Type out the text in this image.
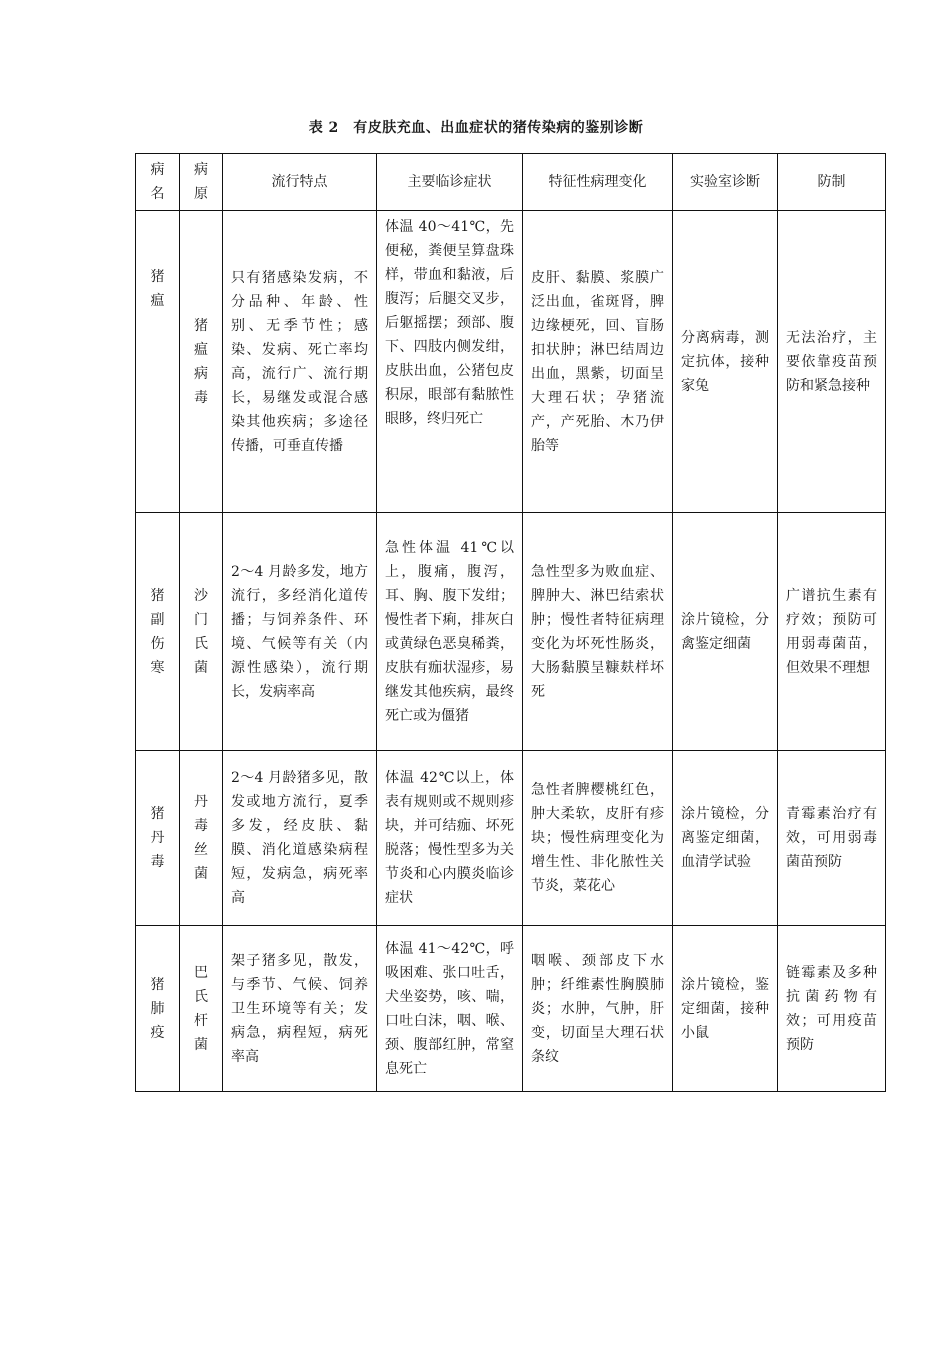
表 2　有皮肤充血、出血症状的猪传染病的鉴别诊断
病名	病原	流行特点	主要临诊症状	特征性病理变化	实验室诊断	防制
猪瘟	猪瘟病毒	只有猪感染发病，不分品种、年龄、性别、无季节性；感染、发病、死亡率均高，流行广、流行期长，易继发或混合感染其他疾病；多途径传播，可垂直传播	体温 40～41℃，先便秘，粪便呈算盘珠样，带血和黏液，后腹泻；后腿交叉步，后躯摇摆；颈部、腹下、四肢内侧发绀，皮肤出血，公猪包皮积尿，眼部有黏脓性眼眵，终归死亡	皮肝、黏膜、浆膜广泛出血，雀斑肾，脾边缘梗死，回、盲肠扣状肿；淋巴结周边出血，黑紫，切面呈大理石状；孕猪流产，产死胎、木乃伊胎等	分离病毒，测定抗体，接种家兔	无法治疗，主要依靠疫苗预防和紧急接种

猪副伤寒	沙门氏菌	2～4 月龄多发，地方流行，多经消化道传播；与饲养条件、环境、气候等有关（内源性感染），流行期长，发病率高	急性体温 41℃以上，腹痛，腹泻，耳、胸、腹下发绀；慢性者下痢，排灰白或黄绿色恶臭稀粪，皮肤有痂状湿疹，易继发其他疾病，最终死亡或为僵猪	急性型多为败血症、脾肿大、淋巴结索状肿；慢性者特征病理变化为坏死性肠炎，大肠黏膜呈糠麸样坏死	涂片镜检，分禽鉴定细菌	广谱抗生素有疗效；预防可用弱毒菌苗，但效果不理想

猪丹毒	丹毒丝菌	2～4 月龄猪多见，散发或地方流行，夏季多发，经皮肤、黏膜、消化道感染病程短，发病急，病死率高	体温 42℃以上，体表有规则或不规则疹块，并可结痂、坏死脱落；慢性型多为关节炎和心内膜炎临诊症状	急性者脾樱桃红色，肿大柔软，皮肝有疹块；慢性病理变化为增生性、非化脓性关节炎，菜花心	涂片镜检，分离鉴定细菌，血清学试验	青霉素治疗有效，可用弱毒菌苗预防

猪肺疫	巴氏杆菌	架子猪多见，散发，与季节、气候、饲养卫生环境等有关；发病急，病程短，病死率高	体温 41～42℃，呼吸困难、张口吐舌，犬坐姿势，咳、喘，口吐白沫，咽、喉、颈、腹部红肿，常窒息死亡	咽喉、颈部皮下水肿；纤维素性胸膜肺炎；水肿，气肿，肝变，切面呈大理石状条纹	涂片镜检，鉴定细菌，接种小鼠	链霉素及多种抗菌药物有效；可用疫苗预防
